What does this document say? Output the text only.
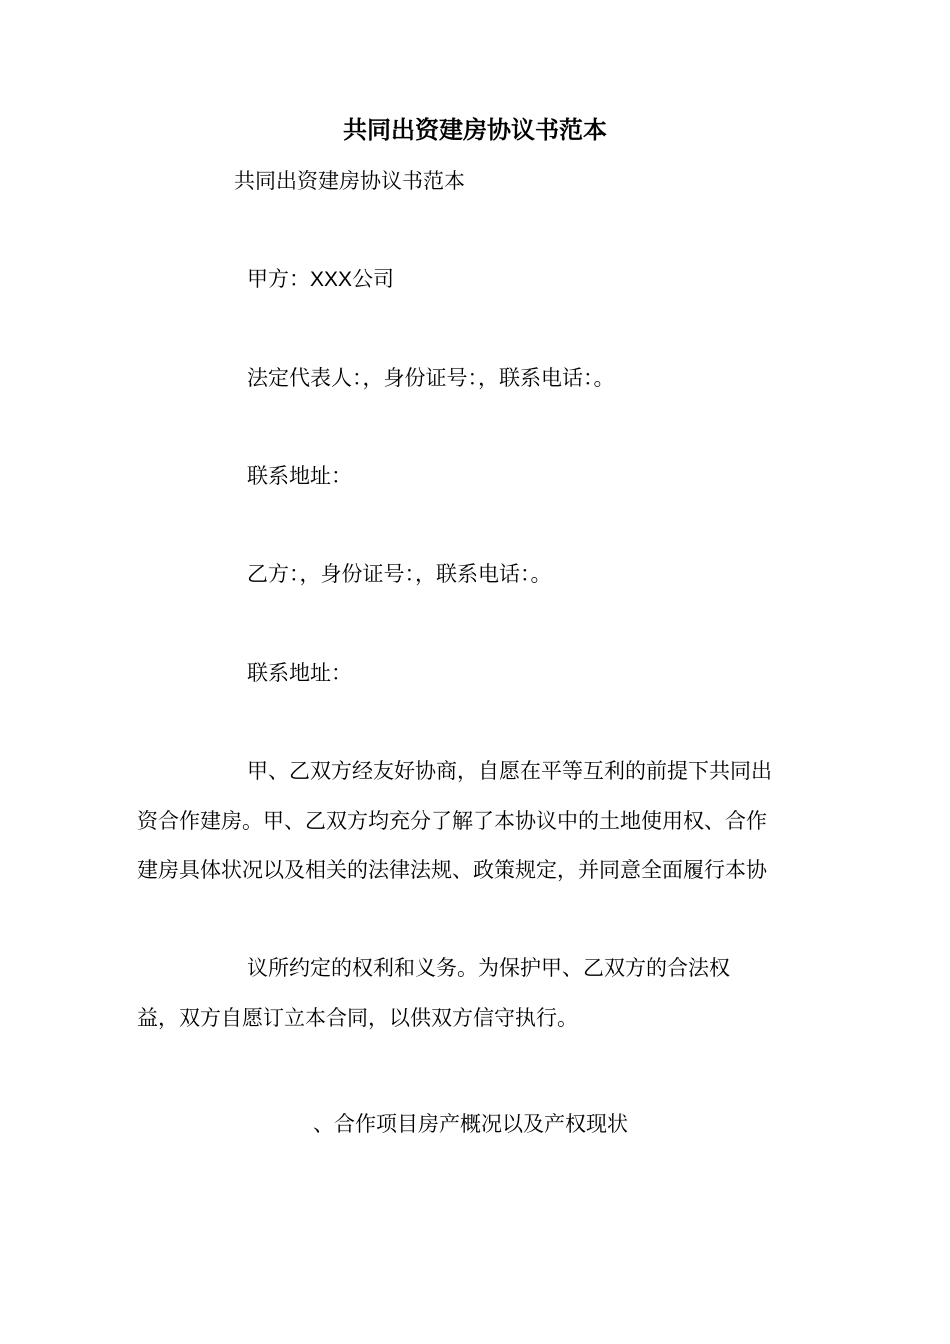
共同出资建房协议书范本

共同出资建房协议书范本

甲方：XXX公司

法定代表人：，身份证号：，联系电话：。

联系地址：

乙方：，身份证号：，联系电话：。

联系地址：

甲、乙双方经友好协商，自愿在平等互利的前提下共同出

资合作建房。甲、乙双方均充分了解了本协议中的土地使用权、合作

建房具体状况以及相关的法律法规、政策规定，并同意全面履行本协

议所约定的权利和义务。为保护甲、乙双方的合法权

益，双方自愿订立本合同，以供双方信守执行。

、合作项目房产概况以及产权现状
